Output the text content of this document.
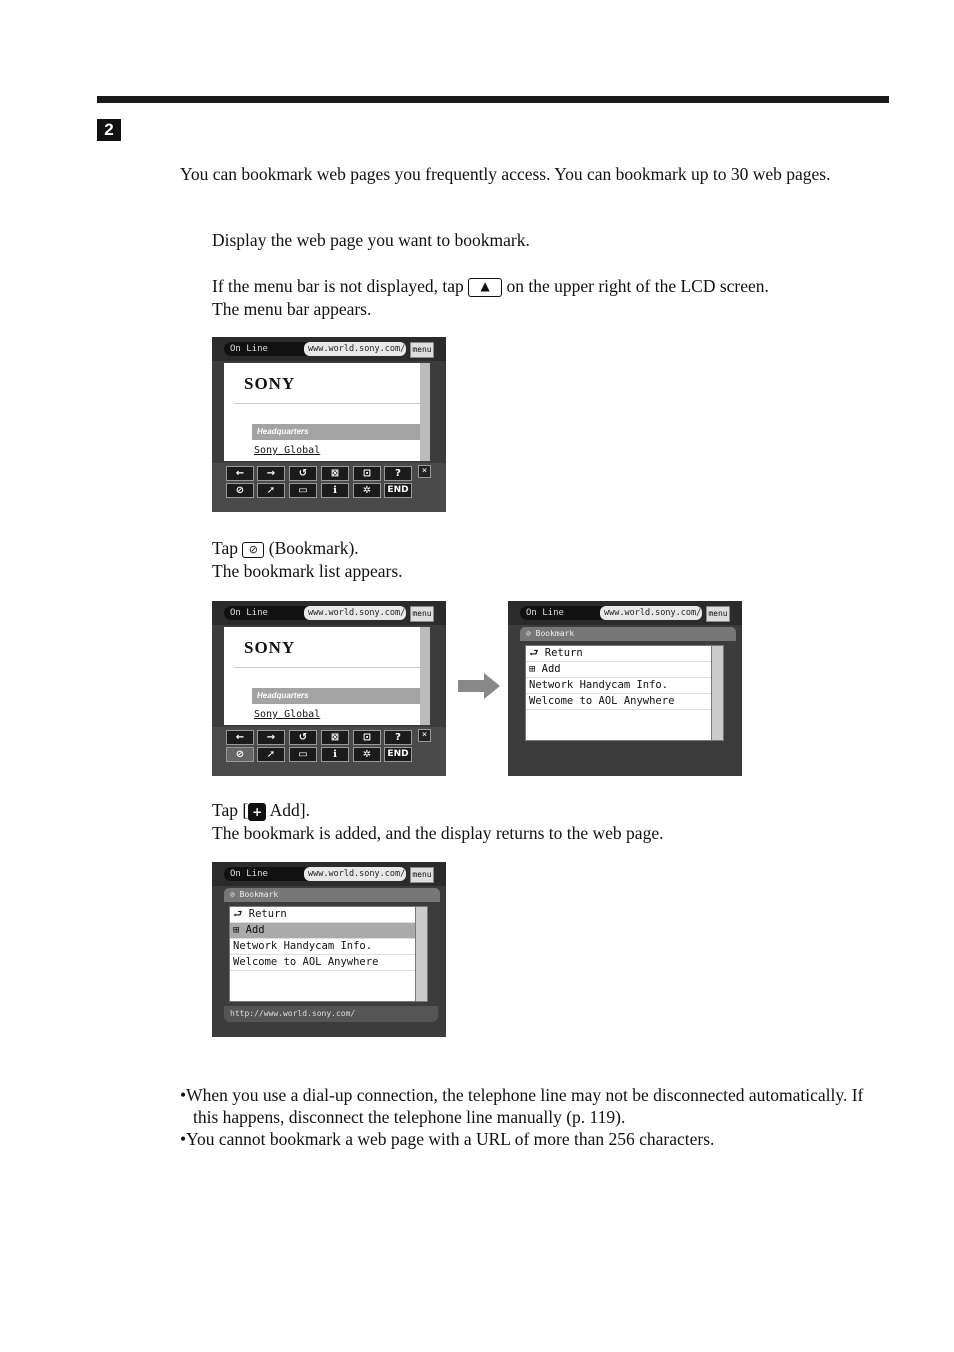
2
You can bookmark web pages you frequently access. You can bookmark up to 30 web pages.
Display the web page you want to bookmark.
If the menu bar is not displayed, tap ▲ on the upper right of the LCD screen.
The menu bar appears.
On Line	www.world.sony.com/ menu
SONY
Headquarters
Sony Global
←	→	↺	⊠	⊡	?	×
⊘	➚	▭	ℹ	✲	END
Tap ⊘ (Bookmark).
The bookmark list appears.
On Line	www.world.sony.com/ menu
SONY
Headquarters
Sony Global
←	→	↺	⊠	⊡	?	×
⊘	➚	▭	ℹ	✲	END
On Line	www.world.sony.com/ menu
⊘ Bookmark
⮐ Return
⊞ Add
Network Handycam Info.
Welcome to AOL Anywhere
Tap [ + Add].
The bookmark is added, and the display returns to the web page.
On Line	www.world.sony.com/ menu
⊘ Bookmark
⮐ Return
⊞ Add
Network Handycam Info.
Welcome to AOL Anywhere
http://www.world.sony.com/
•When you use a dial-up connection, the telephone line may not be disconnected automatically. If this happens, disconnect the telephone line manually (p. 119).
•You cannot bookmark a web page with a URL of more than 256 characters.
